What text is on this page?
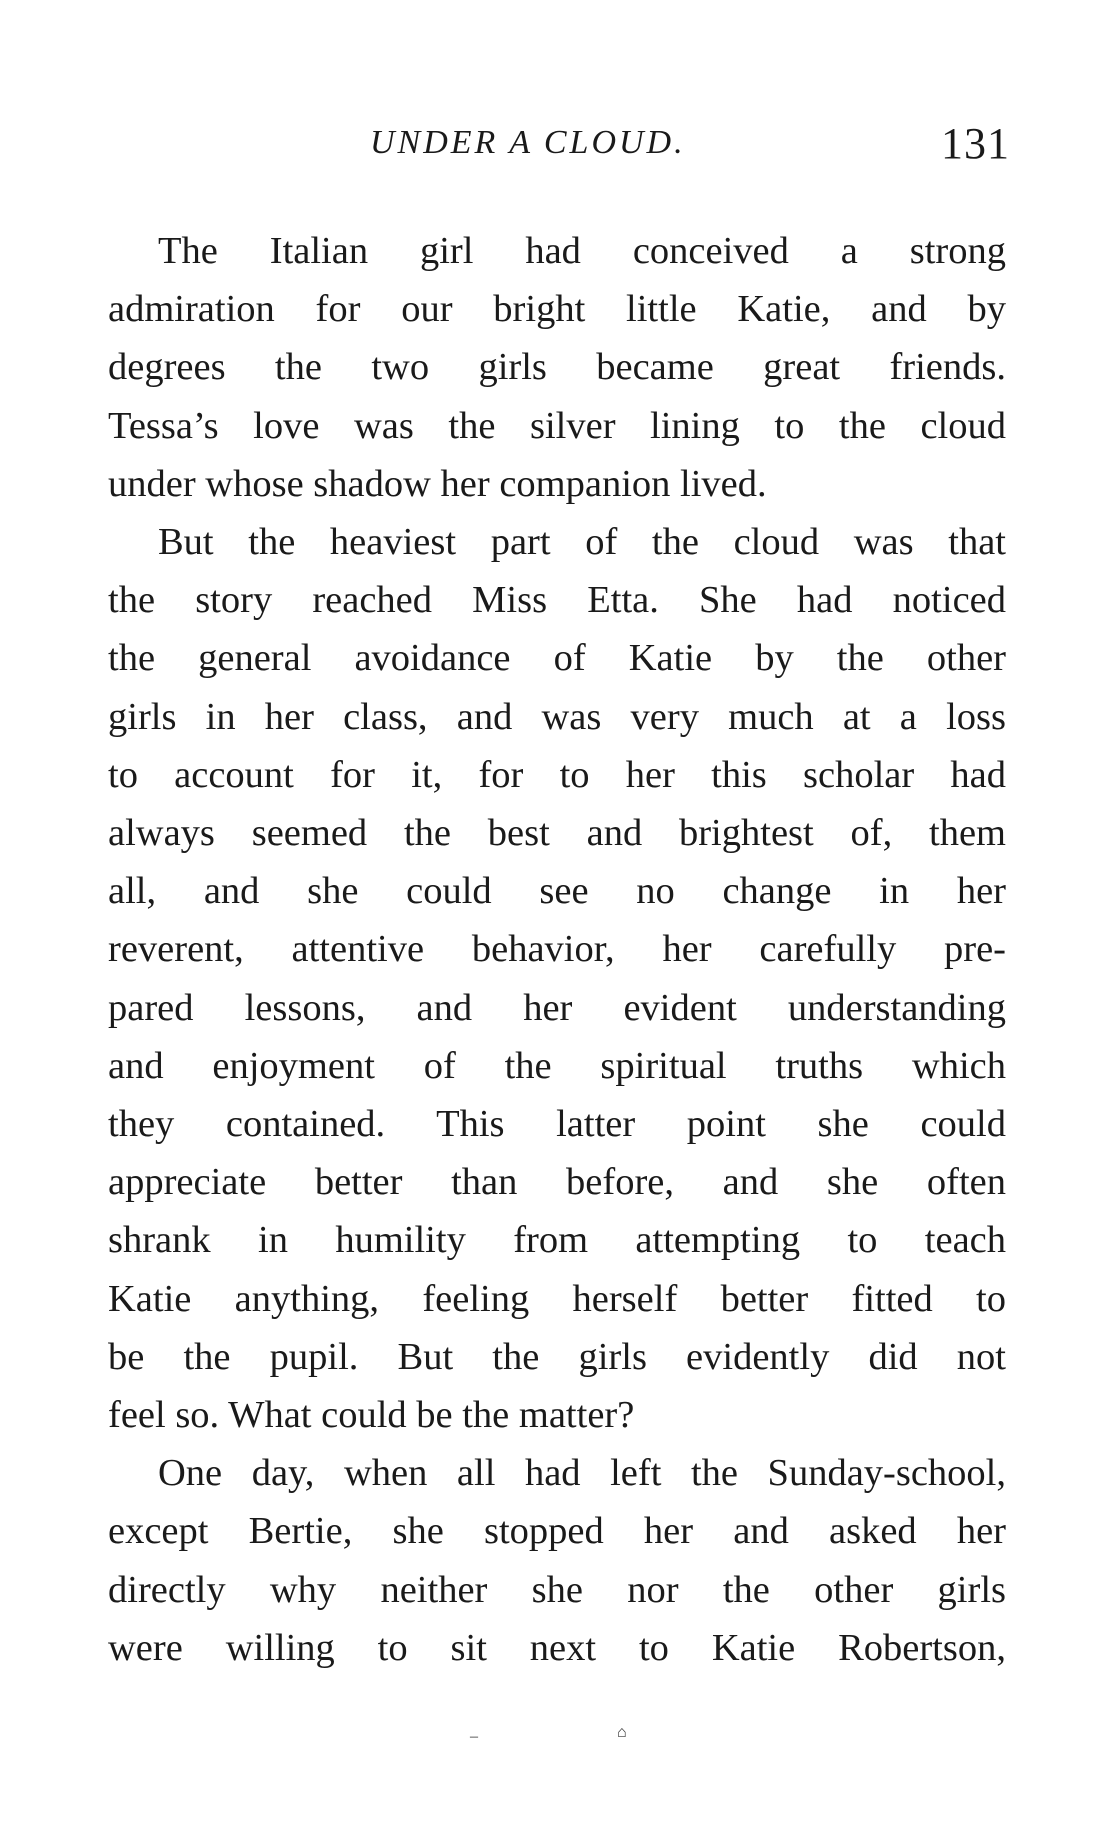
UNDER A CLOUD.	131
The Italian girl had conceived a strong
admiration for our bright little Katie, and by
degrees the two girls became great friends.
Tessa’s love was the silver lining to the cloud
under whose shadow her companion lived.
But the heaviest part of the cloud was that
the story reached Miss Etta. She had noticed
the general avoidance of Katie by the other
girls in her class, and was very much at a loss
to account for it, for to her this scholar had
always seemed the best and brightest of, them
all, and she could see no change in her
reverent, attentive behavior, her carefully pre-
pared lessons, and her evident understanding
and enjoyment of the spiritual truths which
they contained. This latter point she could
appreciate better than before, and she often
shrank in humility from attempting to teach
Katie anything, feeling herself better fitted to
be the pupil. But the girls evidently did not
feel so. What could be the matter?
One day, when all had left the Sunday-school,
except Bertie, she stopped her and asked her
directly why neither she nor the other girls
were willing to sit next to Katie Robertson,
–	⌂
